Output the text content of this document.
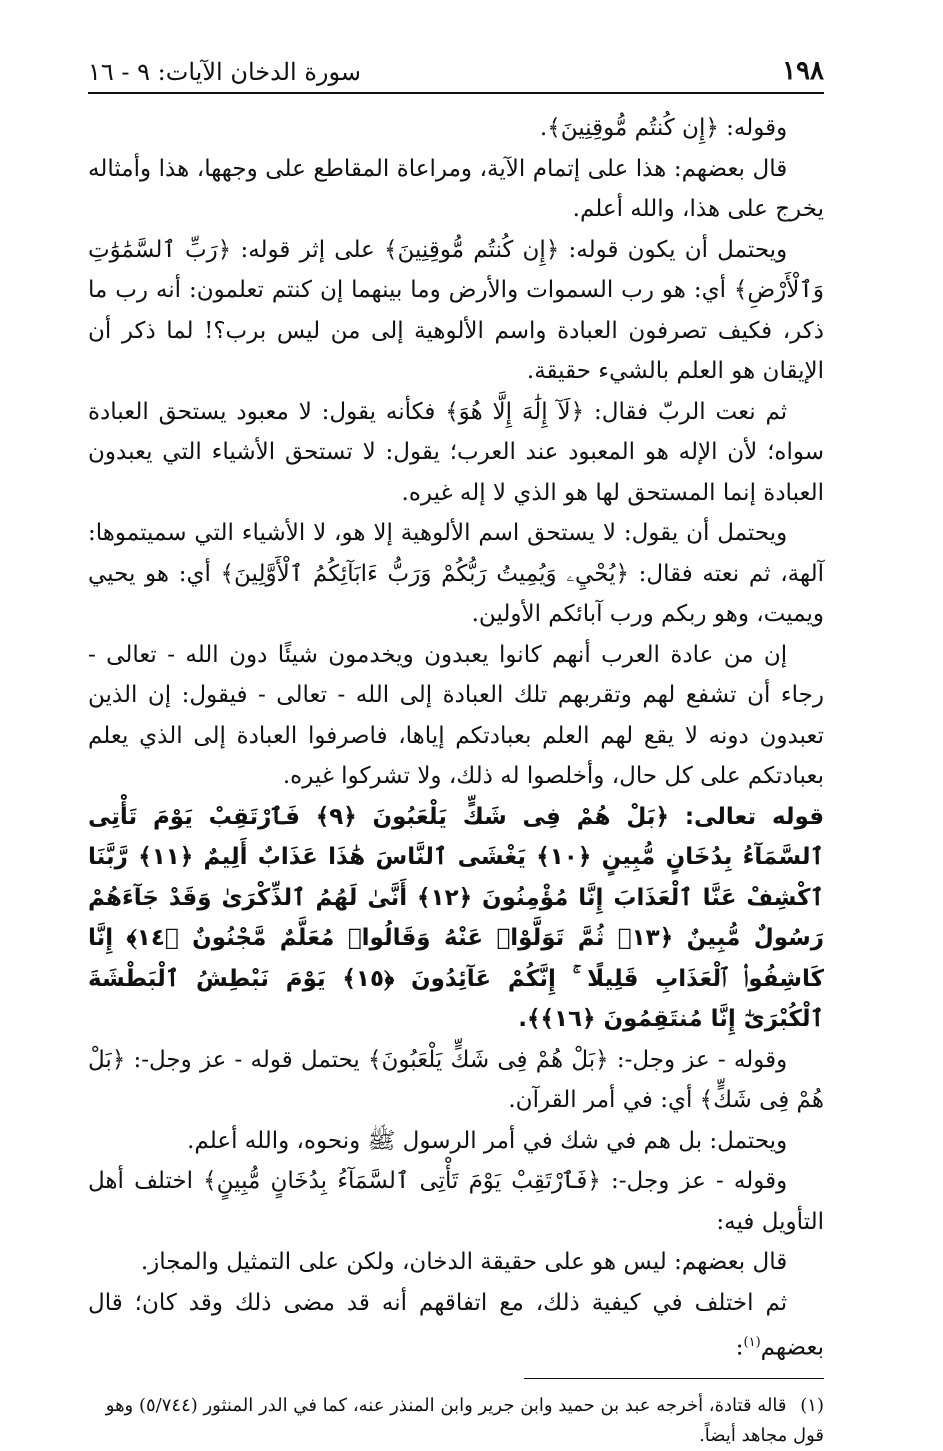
١٩٨
سورة الدخان الآيات: ٩ - ١٦

وقوله: ﴿إِن كُنتُم مُّوقِنِينَ﴾.

قال بعضهم: هذا على إتمام الآية، ومراعاة المقاطع على وجهها، هذا وأمثاله يخرج على هذا، والله أعلم.

ويحتمل أن يكون قوله: ﴿إِن كُنتُم مُّوقِنِينَ﴾ على إثر قوله: ﴿رَبِّ ٱلسَّمَٰوَٰتِ وَٱلْأَرْضِ﴾ أي: هو رب السموات والأرض وما بينهما إن كنتم تعلمون: أنه رب ما ذكر، فكيف تصرفون العبادة واسم الألوهية إلى من ليس برب؟! لما ذكر أن الإيقان هو العلم بالشيء حقيقة.

ثم نعت الربّ فقال: ﴿لَآ إِلَٰهَ إِلَّا هُوَ﴾ فكأنه يقول: لا معبود يستحق العبادة سواه؛ لأن الإله هو المعبود عند العرب؛ يقول: لا تستحق الأشياء التي يعبدون العبادة إنما المستحق لها هو الذي لا إله غيره.

ويحتمل أن يقول: لا يستحق اسم الألوهية إلا هو، لا الأشياء التي سميتموها: آلهة، ثم نعته فقال: ﴿يُحْيِۦ وَيُمِيتُ رَبُّكُمْ وَرَبُّ ءَابَآئِكُمُ ٱلْأَوَّلِينَ﴾ أي: هو يحيي ويميت، وهو ربكم ورب آبائكم الأولين.

إن من عادة العرب أنهم كانوا يعبدون ويخدمون شيئًا دون الله - تعالى - رجاء أن تشفع لهم وتقربهم تلك العبادة إلى الله - تعالى - فيقول: إن الذين تعبدون دونه لا يقع لهم العلم بعبادتكم إياها، فاصرفوا العبادة إلى الذي يعلم بعبادتكم على كل حال، وأخلصوا له ذلك، ولا تشركوا غيره.

قوله تعالى: ﴿بَلْ هُمْ فِى شَكٍّ يَلْعَبُونَ ﴿٩﴾ فَٱرْتَقِبْ يَوْمَ تَأْتِى ٱلسَّمَآءُ بِدُخَانٍ مُّبِينٍ ﴿١٠﴾ يَغْشَى ٱلنَّاسَ هَٰذَا عَذَابٌ أَلِيمٌ ﴿١١﴾ رَّبَّنَا ٱكْشِفْ عَنَّا ٱلْعَذَابَ إِنَّا مُؤْمِنُونَ ﴿١٢﴾ أَنَّىٰ لَهُمُ ٱلذِّكْرَىٰ وَقَدْ جَآءَهُمْ رَسُولٌ مُّبِينٌ ﴿١٣﴾ ثُمَّ تَوَلَّوْا۟ عَنْهُ وَقَالُوا۟ مُعَلَّمٌ مَّجْنُونٌ ﴿١٤﴾ إِنَّا كَاشِفُوا۟ ٱلْعَذَابِ قَلِيلًا ۚ إِنَّكُمْ عَآئِدُونَ ﴿١٥﴾ يَوْمَ نَبْطِشُ ٱلْبَطْشَةَ ٱلْكُبْرَىٰٓ إِنَّا مُنتَقِمُونَ ﴿١٦﴾﴾.

وقوله - عز وجل-: ﴿بَلْ هُمْ فِى شَكٍّ يَلْعَبُونَ﴾ يحتمل قوله - عز وجل-: ﴿بَلْ هُمْ فِى شَكٍّ﴾ أي: في أمر القرآن.

ويحتمل: بل هم في شك في أمر الرسول ﷺ ونحوه، والله أعلم.

وقوله - عز وجل-: ﴿فَٱرْتَقِبْ يَوْمَ تَأْتِى ٱلسَّمَآءُ بِدُخَانٍ مُّبِينٍ﴾ اختلف أهل التأويل فيه:

قال بعضهم: ليس هو على حقيقة الدخان، ولكن على التمثيل والمجاز.

ثم اختلف في كيفية ذلك، مع اتفاقهم أنه قد مضى ذلك وقد كان؛ قال بعضهم$^{(١)}$:

(١) قاله قتادة، أخرجه عبد بن حميد وابن جرير وابن المنذر عنه، كما في الدر المنثور (٥/٧٤٤) وهو قول مجاهد أيضاً.
